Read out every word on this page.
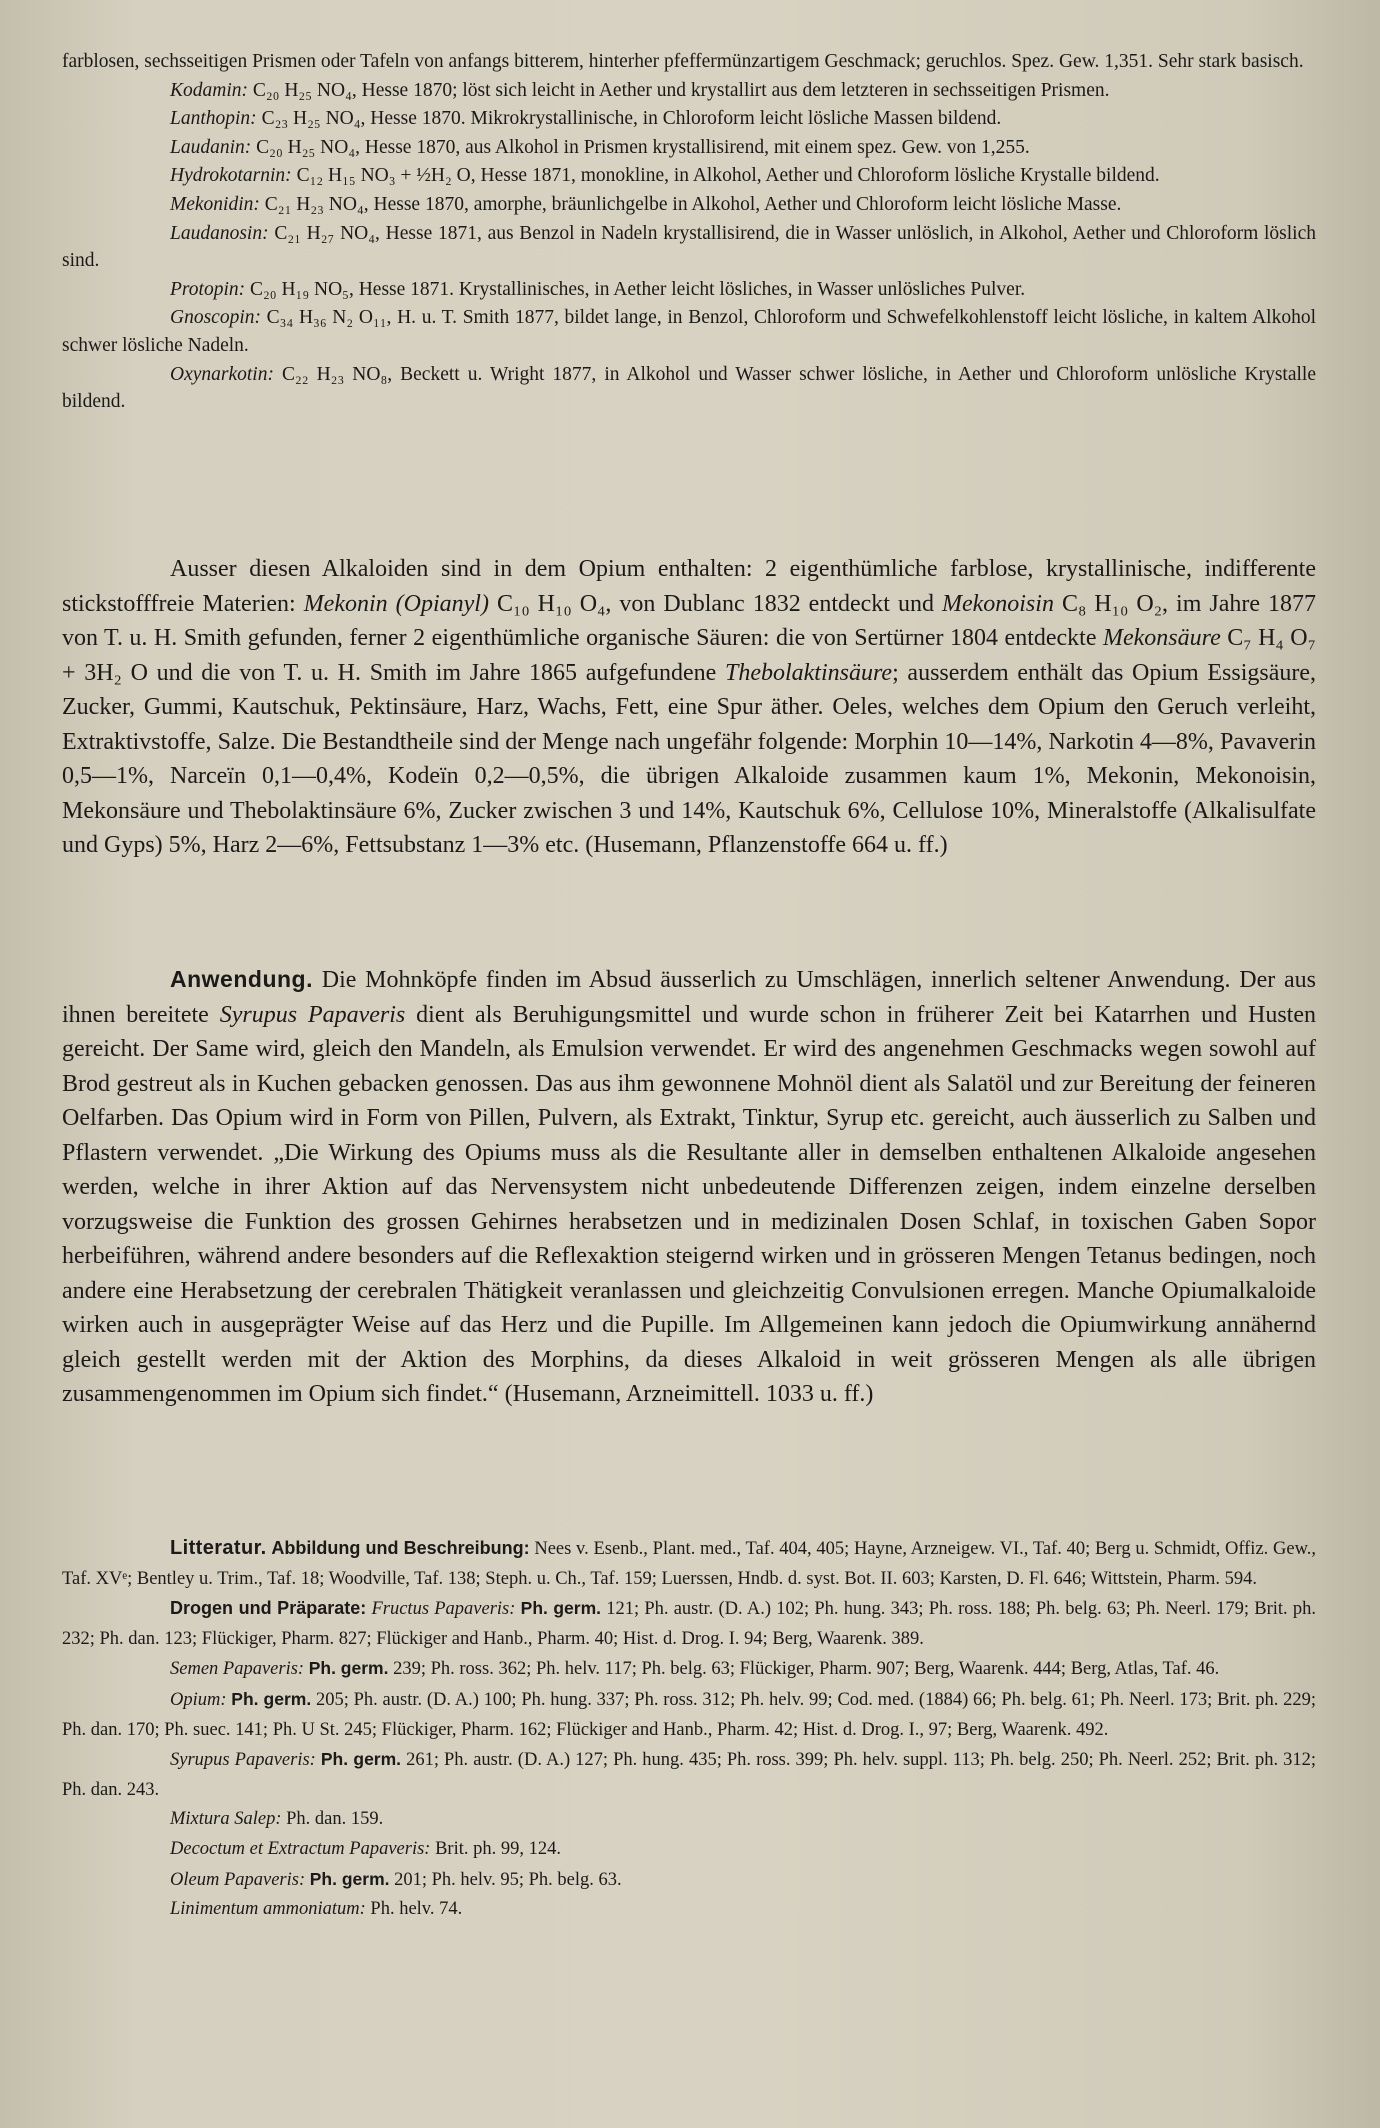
farblosen, sechsseitigen Prismen oder Tafeln von anfangs bitterem, hinterher pfeffermünzartigem Geschmack; geruchlos. Spez. Gew. 1,351. Sehr stark basisch.

Kodamin: C₂₀ H₂₅ NO₄, Hesse 1870; löst sich leicht in Aether und krystallirt aus dem letzteren in sechsseitigen Prismen.

Lanthopin: C₂₃ H₂₅ NO₄, Hesse 1870. Mikrokrystallinische, in Chloroform leicht lösliche Massen bildend.

Laudanin: C₂₀ H₂₅ NO₄, Hesse 1870, aus Alkohol in Prismen krystallisirend, mit einem spez. Gew. von 1,255.

Hydrokotarnin: C₁₂ H₁₅ NO₃ + ½H₂ O, Hesse 1871, monokline, in Alkohol, Aether und Chloroform lösliche Krystalle bildend.

Mekonidin: C₂₁ H₂₃ NO₄, Hesse 1870, amorphe, bräunlichgelbe in Alkohol, Aether und Chloroform leicht lösliche Masse.

Laudanosin: C₂₁ H₂₇ NO₄, Hesse 1871, aus Benzol in Nadeln krystallisirend, die in Wasser unlöslich, in Alkohol, Aether und Chloroform löslich sind.

Protopin: C₂₀ H₁₉ NO₅, Hesse 1871. Krystallinisches, in Aether leicht lösliches, in Wasser unlösliches Pulver.

Gnoscopin: C₃₄ H₃₆ N₂ O₁₁, H. u. T. Smith 1877, bildet lange, in Benzol, Chloroform und Schwefelkohlenstoff leicht lösliche, in kaltem Alkohol schwer lösliche Nadeln.

Oxynarkotin: C₂₂ H₂₃ NO₈, Beckett u. Wright 1877, in Alkohol und Wasser schwer lösliche, in Aether und Chloroform unlösliche Krystalle bildend.

Ausser diesen Alkaloiden sind in dem Opium enthalten: 2 eigenthümliche farblose, krystallinische, indifferente stickstofffreie Materien: Mekonin (Opianyl) C₁₀ H₁₀ O₄, von Dublanc 1832 entdeckt und Mekonoisin C₈ H₁₀ O₂, im Jahre 1877 von T. u. H. Smith gefunden, ferner 2 eigenthümliche organische Säuren: die von Sertürner 1804 entdeckte Mekonsäure C₇ H₄ O₇ + 3H₂ O und die von T. u. H. Smith im Jahre 1865 aufgefundene Thebolaktinsäure; ausserdem enthält das Opium Essigsäure, Zucker, Gummi, Kautschuk, Pektinsäure, Harz, Wachs, Fett, eine Spur äther. Oeles, welches dem Opium den Geruch verleiht, Extraktivstoffe, Salze. Die Bestandtheile sind der Menge nach ungefähr folgende: Morphin 10—14%, Narkotin 4—8%, Pavaverin 0,5—1%, Narceïn 0,1—0,4%, Kodeïn 0,2—0,5%, die übrigen Alkaloide zusammen kaum 1%, Mekonin, Mekonoisin, Mekonsäure und Thebolaktinsäure 6%, Zucker zwischen 3 und 14%, Kautschuk 6%, Cellulose 10%, Mineralstoffe (Alkalisulfate und Gyps) 5%, Harz 2—6%, Fettsubstanz 1—3% etc. (Husemann, Pflanzenstoffe 664 u. ff.)

Anwendung. Die Mohnköpfe finden im Absud äusserlich zu Umschlägen, innerlich seltener Anwendung. Der aus ihnen bereitete Syrupus Papaveris dient als Beruhigungsmittel und wurde schon in früherer Zeit bei Katarrhen und Husten gereicht. Der Same wird, gleich den Mandeln, als Emulsion verwendet. Er wird des angenehmen Geschmacks wegen sowohl auf Brod gestreut als in Kuchen gebacken genossen. Das aus ihm gewonnene Mohnöl dient als Salatöl und zur Bereitung der feineren Oelfarben. Das Opium wird in Form von Pillen, Pulvern, als Extrakt, Tinktur, Syrup etc. gereicht, auch äusserlich zu Salben und Pflastern verwendet. „Die Wirkung des Opiums muss als die Resultante aller in demselben enthaltenen Alkaloide angesehen werden, welche in ihrer Aktion auf das Nervensystem nicht unbedeutende Differenzen zeigen, indem einzelne derselben vorzugsweise die Funktion des grossen Gehirnes herabsetzen und in medizinalen Dosen Schlaf, in toxischen Gaben Sopor herbeiführen, während andere besonders auf die Reflexaktion steigernd wirken und in grösseren Mengen Tetanus bedingen, noch andere eine Herabsetzung der cerebralen Thätigkeit veranlassen und gleichzeitig Convulsionen erregen. Manche Opiumalkaloide wirken auch in ausgeprägter Weise auf das Herz und die Pupille. Im Allgemeinen kann jedoch die Opiumwirkung annähernd gleich gestellt werden mit der Aktion des Morphins, da dieses Alkaloid in weit grösseren Mengen als alle übrigen zusammengenommen im Opium sich findet.“ (Husemann, Arzneimittell. 1033 u. ff.)

Litteratur. Abbildung und Beschreibung: Nees v. Esenb., Plant. med., Taf. 404, 405; Hayne, Arzneigew. VI., Taf. 40; Berg u. Schmidt, Offiz. Gew., Taf. XVᵉ; Bentley u. Trim., Taf. 18; Woodville, Taf. 138; Steph. u. Ch., Taf. 159; Luerssen, Hndb. d. syst. Bot. II. 603; Karsten, D. Fl. 646; Wittstein, Pharm. 594.

Drogen und Präparate: Fructus Papaveris: Ph. germ. 121; Ph. austr. (D. A.) 102; Ph. hung. 343; Ph. ross. 188; Ph. belg. 63; Ph. Neerl. 179; Brit. ph. 232; Ph. dan. 123; Flückiger, Pharm. 827; Flückiger and Hanb., Pharm. 40; Hist. d. Drog. I. 94; Berg, Waarenk. 389.

Semen Papaveris: Ph. germ. 239; Ph. ross. 362; Ph. helv. 117; Ph. belg. 63; Flückiger, Pharm. 907; Berg, Waarenk. 444; Berg, Atlas, Taf. 46.

Opium: Ph. germ. 205; Ph. austr. (D. A.) 100; Ph. hung. 337; Ph. ross. 312; Ph. helv. 99; Cod. med. (1884) 66; Ph. belg. 61; Ph. Neerl. 173; Brit. ph. 229; Ph. dan. 170; Ph. suec. 141; Ph. U St. 245; Flückiger, Pharm. 162; Flückiger and Hanb., Pharm. 42; Hist. d. Drog. I., 97; Berg, Waarenk. 492.

Syrupus Papaveris: Ph. germ. 261; Ph. austr. (D. A.) 127; Ph. hung. 435; Ph. ross. 399; Ph. helv. suppl. 113; Ph. belg. 250; Ph. Neerl. 252; Brit. ph. 312; Ph. dan. 243.

Mixtura Salep: Ph. dan. 159.

Decoctum et Extractum Papaveris: Brit. ph. 99, 124.

Oleum Papaveris: Ph. germ. 201; Ph. helv. 95; Ph. belg. 63.

Linimentum ammoniatum: Ph. helv. 74.
